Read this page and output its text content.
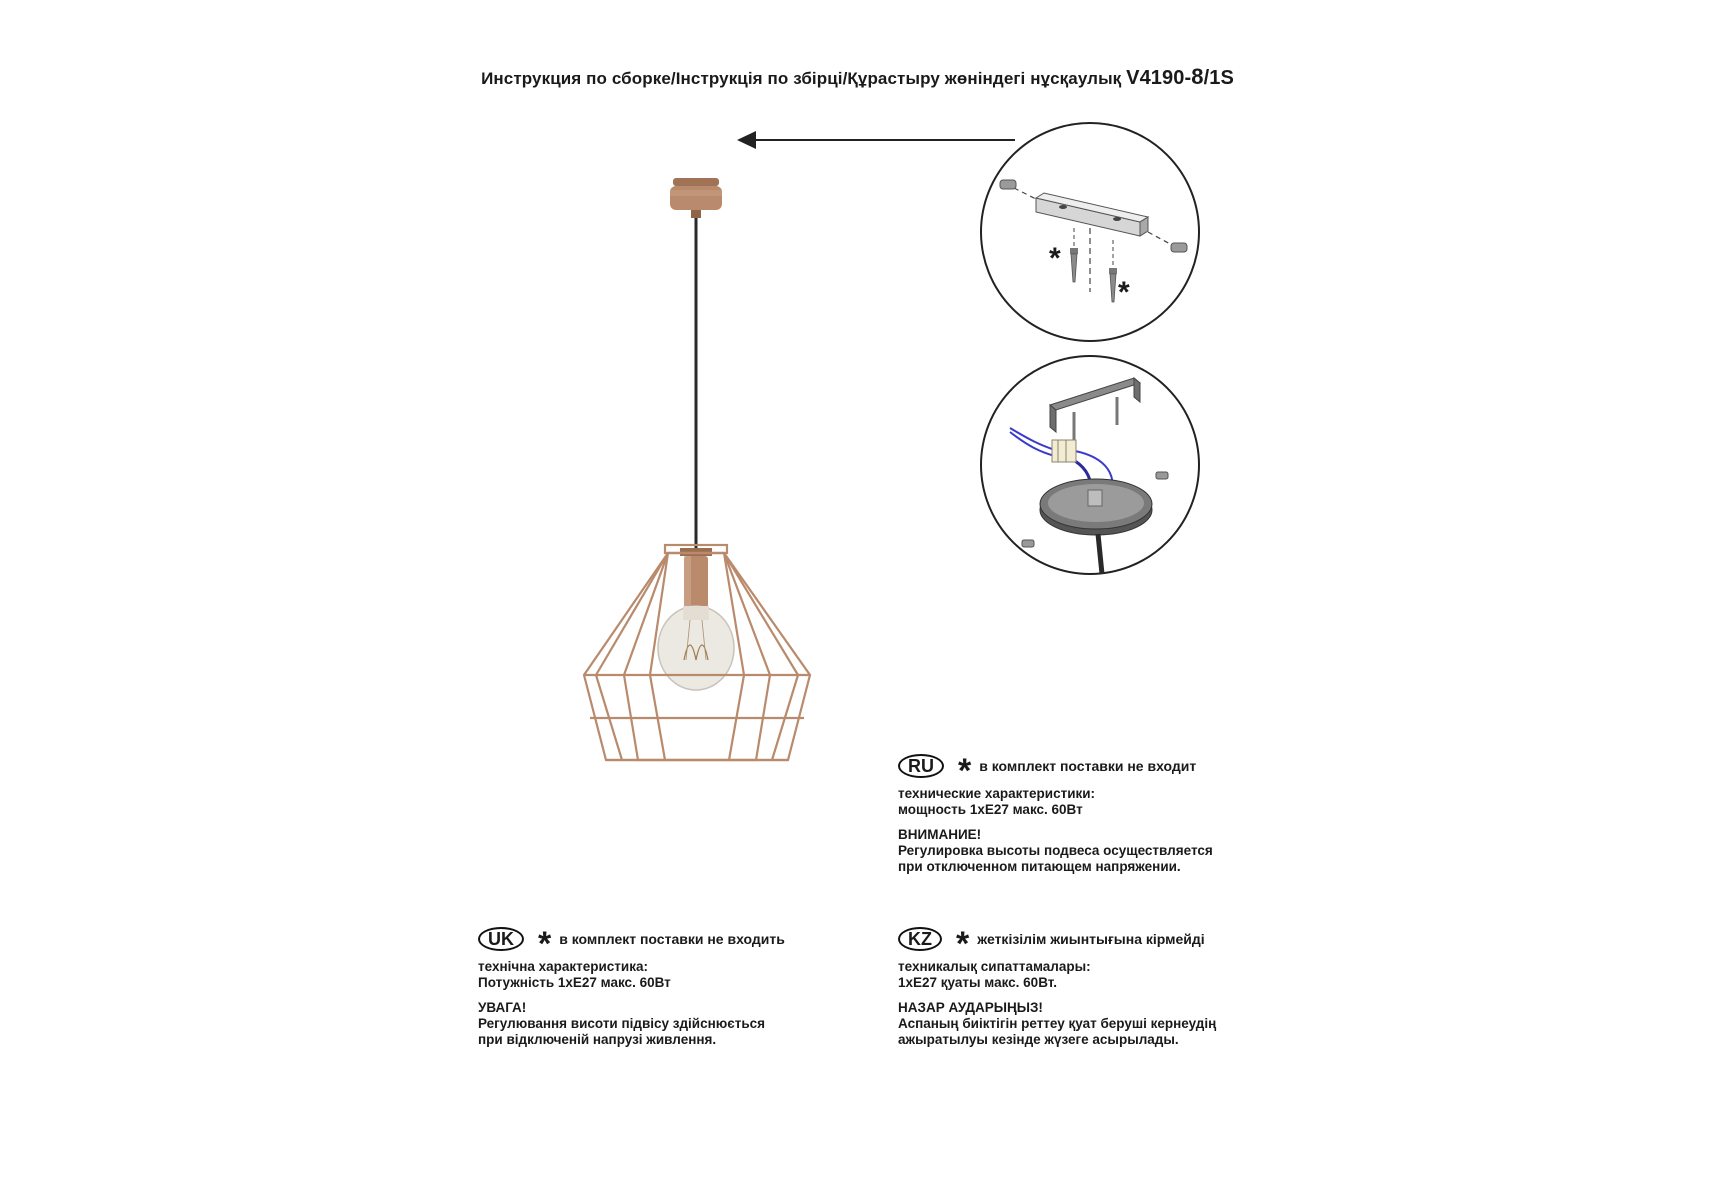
Инструкция по сборке/Інструкція по збірці/Құрастыру жөніндегі нұсқаулық V4190-8/1S
*
*
RU * в комплект поставки не входит
технические характеристики:
мощность 1хЕ27 макс. 60Вт
ВНИМАНИЕ!
Регулировка высоты подвеса осуществляется
при отключенном питающем напряжении.
UK * в комплект поставки не входить
технічна характеристика:
Потужність 1хЕ27 макс. 60Вт
УВАГА!
Регулювання висоти підвісу здійснюється
при відключеній напрузі живлення.
KZ * жеткізілім жиынтығына кірмейді
техникалық сипаттамалары:
1хЕ27 қуаты макс. 60Вт.
НАЗАР АУДАРЫҢЫЗ!
Аспаның биіктігін реттеу қуат беруші кернеудің
ажыратылуы кезінде жүзеге асырылады.
